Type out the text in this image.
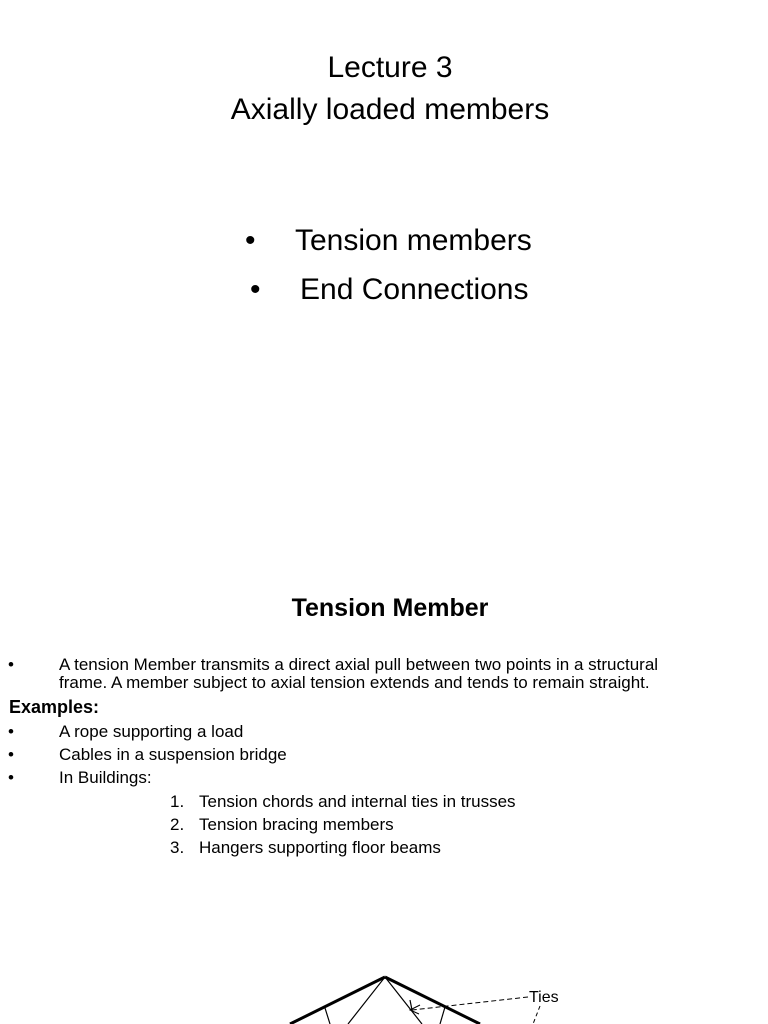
Lecture 3
Axially loaded members
• Tension members
• End Connections
Tension Member
•	A tension Member transmits a direct axial pull between two points in a structural
frame. A member subject to axial tension extends and tends to remain straight.
Examples:
•	A rope supporting a load
•	Cables in a suspension bridge
•	In Buildings:
1. Tension chords and internal ties in trusses
2. Tension bracing members
3. Hangers supporting floor beams
Ties
